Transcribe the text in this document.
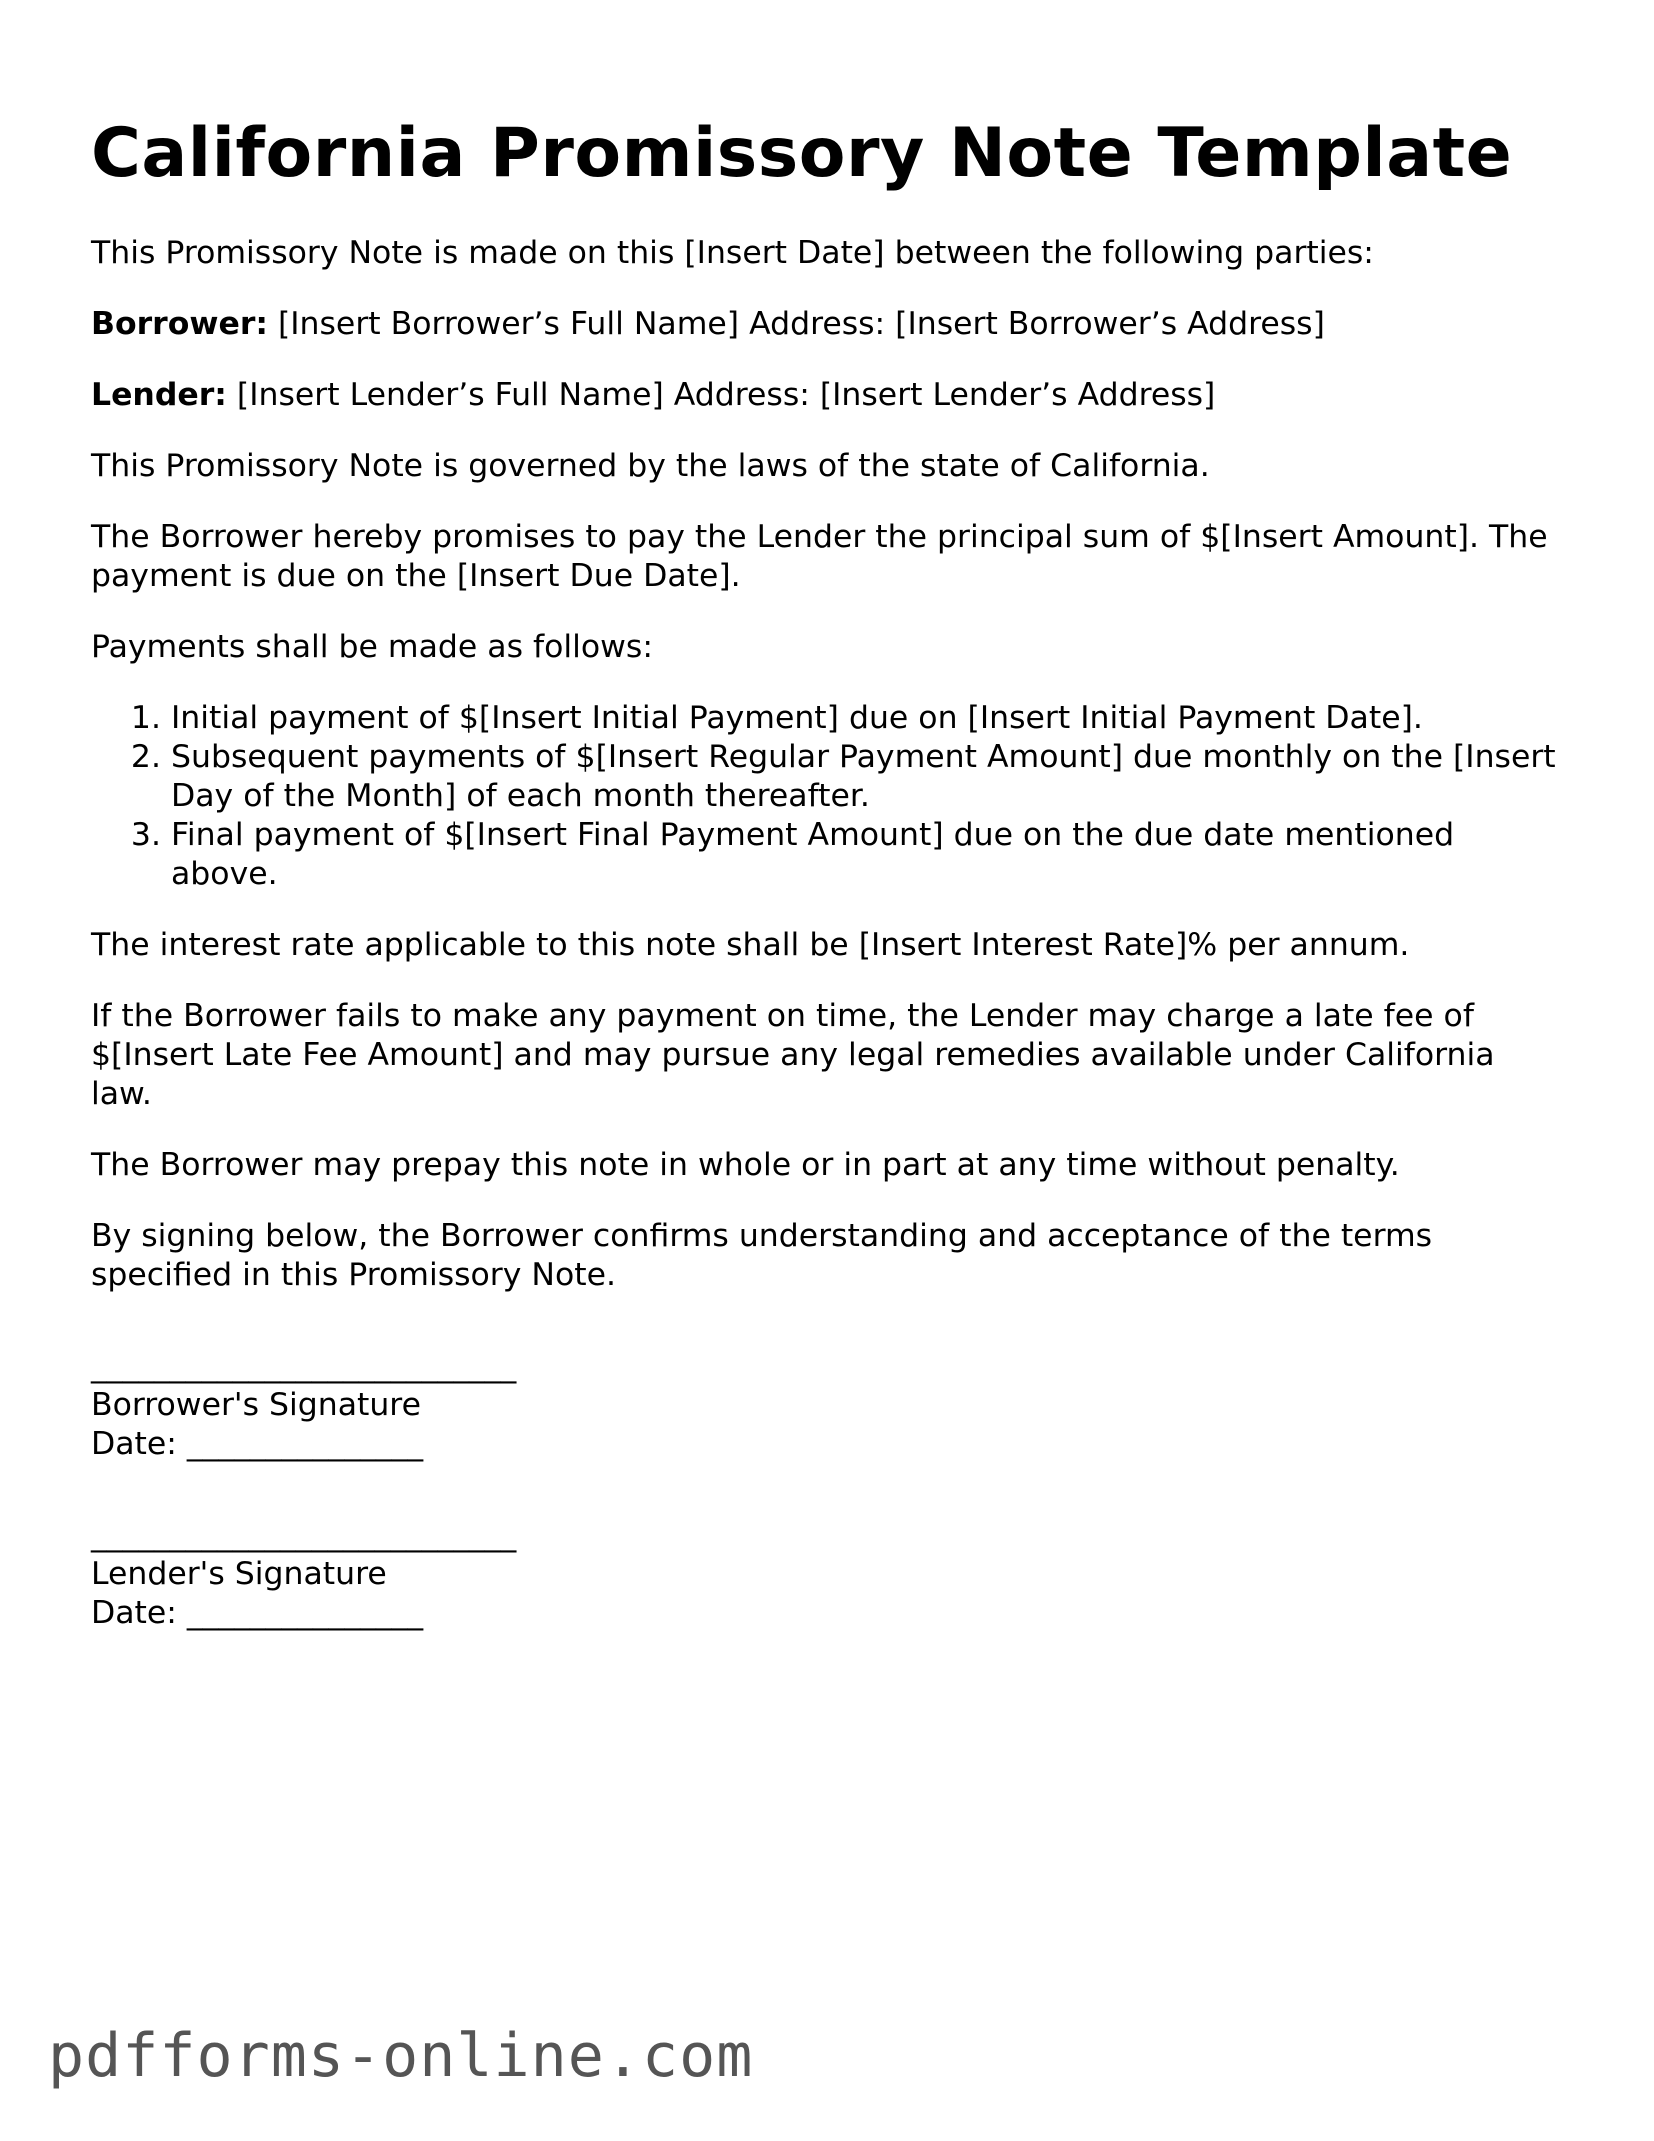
California Promissory Note Template

This Promissory Note is made on this [Insert Date] between the following parties:

Borrower: [Insert Borrower’s Full Name] Address: [Insert Borrower’s Address]

Lender: [Insert Lender’s Full Name] Address: [Insert Lender’s Address]

This Promissory Note is governed by the laws of the state of California.

The Borrower hereby promises to pay the Lender the principal sum of $[Insert Amount]. The payment is due on the [Insert Due Date].

Payments shall be made as follows:

1. Initial payment of $[Insert Initial Payment] due on [Insert Initial Payment Date].
2. Subsequent payments of $[Insert Regular Payment Amount] due monthly on the [Insert Day of the Month] of each month thereafter.
3. Final payment of $[Insert Final Payment Amount] due on the due date mentioned above.

The interest rate applicable to this note shall be [Insert Interest Rate]% per annum.

If the Borrower fails to make any payment on time, the Lender may charge a late fee of $[Insert Late Fee Amount] and may pursue any legal remedies available under California law.

The Borrower may prepay this note in whole or in part at any time without penalty.

By signing below, the Borrower confirms understanding and acceptance of the terms specified in this Promissory Note.

___________________________
Borrower's Signature
Date: _______________
___________________________
Lender's Signature
Date: _______________
pdfforms-online.com
